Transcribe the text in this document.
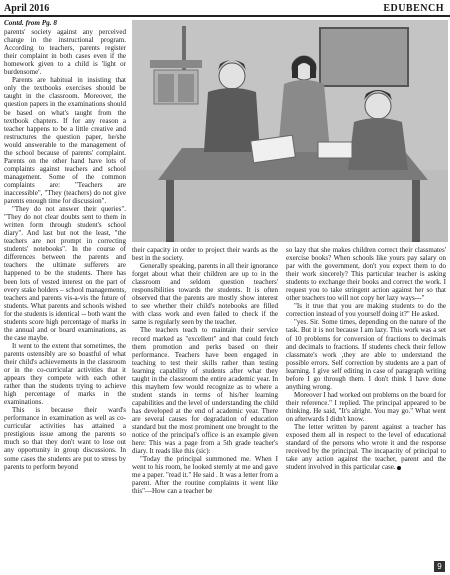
April 2016	EDUBENCH
Contd. from Pg. 8

parents' society against any perceived change in the instructional program. According to teachers, parents register their complaint in both cases even if the homework given to a child is 'light or burdensome'.

Parents are habitual in insisting that only the textbooks exercises should be taught in the classroom. Moreover, the question papers in the examinations should be based on what's taught from the textbook chapters. If for any reason a teacher happens to be a little creative and restructures the question paper, he/she would answerable to the management of the school because of parents' complaint. Parents on the other hand have lots of complaints against teachers and school management. Some of the common complaints are: "Teachers are inaccessible", "They (teachers) do not give parents enough time for discussion".

"They do not answer their queries". "They do not clear doubts sent to them in written form through student's school diary". And last but not the least, "the teachers are not prompt in correcting students' notebooks". In the course of differences between the parents and teachers the ultimate sufferers are happened to be the students. There has been lots of vested interest on the part of every stake holders – school managements, teachers and parents vis-a-vis the future of students. What parents and schools wished for the students is identical -- both want the students score high percentage of marks in the annual and or board examinations, as the case maybe.

It went to the extent that sometimes, the parents ostensibly are so boastful of what their child's achievements in the classroom or in the co-curricular activities that it appears they compete with each other rather than the students trying to achieve high percentage of marks in the examinations.

This is because their ward's performance in examination as well as co-curricular activities has attained a prestigious issue among the parents so much so that they don't want to lose out any opportunity in group discussions. In some cases the students are put to stress by parents to perform beyond

their capacity in order to project their wards as the best in the society.

Generally speaking, parents in all their ignorance forget about what their children are up to in the classroom and seldom question teachers' responsibilities towards the students. It is often observed that the parents are mostly show interest to see whether their child's notebooks are filled with class work and even failed to check if the same is regularly seen by the teacher.

The teachers teach to maintain their service record marked as "excellent" and that could fetch them promotion and perks based on their performance. Teachers have been engaged in teaching to test their skills rather than testing learning capability of students after what they taught in the classroom the entire academic year. In this mayhem few would recognize as to where a student stands in terms of his/her learning capabilities and the level of understanding the child has developed at the end of academic year. There are several causes for degradation of education standard but the most prominent one brought to the notice of the principal's office is an example given here: This was a page from a 5th grade teacher's diary. It reads like this (sic):

"Today the principal summoned me. When I went to his room, he looked sternly at me and gave me a paper. "read it." He said . It was a letter from a parent. After the routine complaints it went like this"—How can a teacher be

so lazy that she makes children correct their classmates' exercise books? When schools like yours pay salary on par with the government, don't you expect them to do their work sincerely? This particular teacher is asking students to exchange their books and correct the work. I request you to take stringent action against her so that other teachers too will not copy her lazy ways---"

"Is it true that you are making students to do the correction instead of you yourself doing it?" He asked.

"yes. Sir. Some times, depending on the nature of the task. But it is not because I am lazy. This work was a set of 10 problems for conversion of fractions to decimals and decimals to fractions. If students check their fellow classmate's work ,they are able to understand the possible errors. Self correction by students are a part of learning. I give self editing in case of paragraph writing before I go through them. I don't think I have done anything wrong.

Moreover I had worked out problems on the board for their reference." I replied. The principal appeared to be thinking. He said, "It's alright. You may go." What went on afterwards I didn't know.

The letter written by parent against a teacher has exposed them all in respect to the level of educational standard of the persons who wrote it and the response received by the principal. The incapacity of principal to take any action against the teacher, parent and the student involved in this particular case.

9
